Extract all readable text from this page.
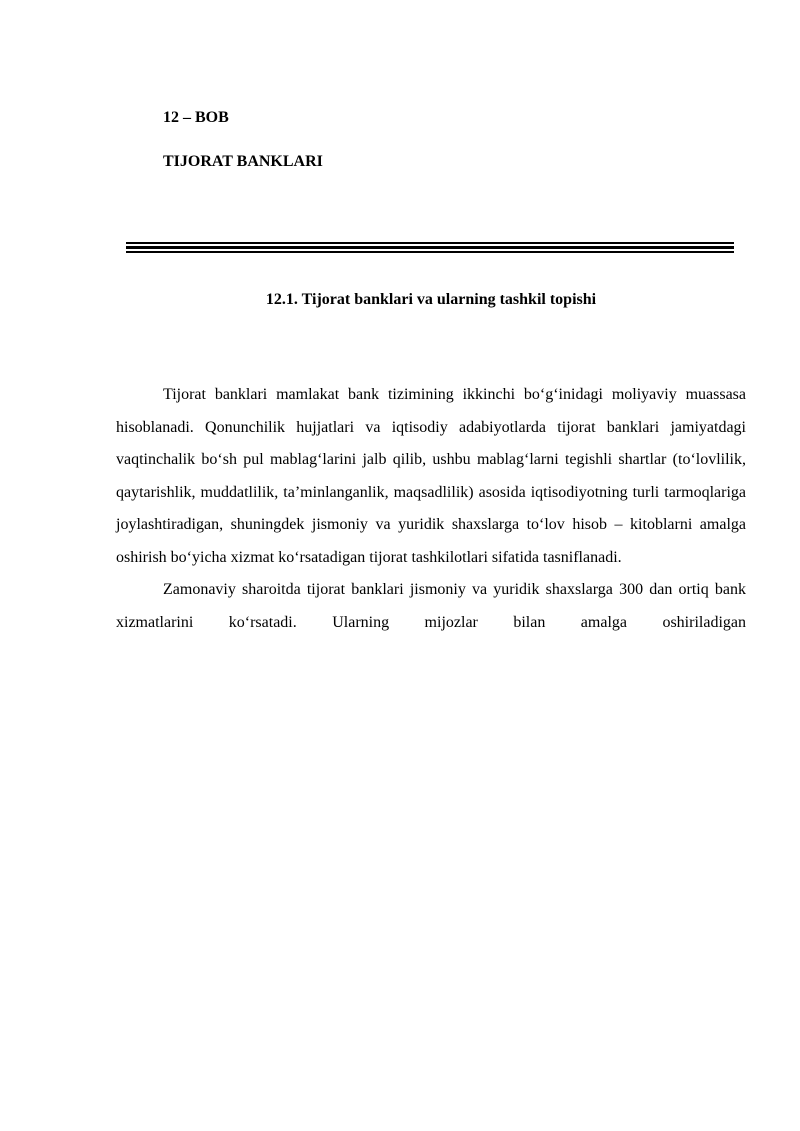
12 – BOB
TIJORAT BANKLARI
12.1. Tijorat banklari va ularning tashkil topishi

Tijorat banklari mamlakat bank tizimining ikkinchi bo‘g‘inidagi moliyaviy muassasa hisoblanadi. Qonunchilik hujjatlari va iqtisodiy adabiyotlarda tijorat banklari jamiyatdagi vaqtinchalik bo‘sh pul mablag‘larini jalb qilib, ushbu mablag‘larni tegishli shartlar (to‘lovlilik, qaytarishlik, muddatlilik, ta’minlanganlik, maqsadlilik) asosida iqtisodiyotning turli tarmoqlariga joylashtiradigan, shuningdek jismoniy va yuridik shaxslarga to‘lov hisob – kitoblarni amalga oshirish bo‘yicha xizmat ko‘rsatadigan tijorat tashkilotlari sifatida tasniflanadi.

Zamonaviy sharoitda tijorat banklari jismoniy va yuridik shaxslarga 300 dan ortiq bank xizmatlarini ko‘rsatadi. Ularning mijozlar bilan amalga oshiriladigan
